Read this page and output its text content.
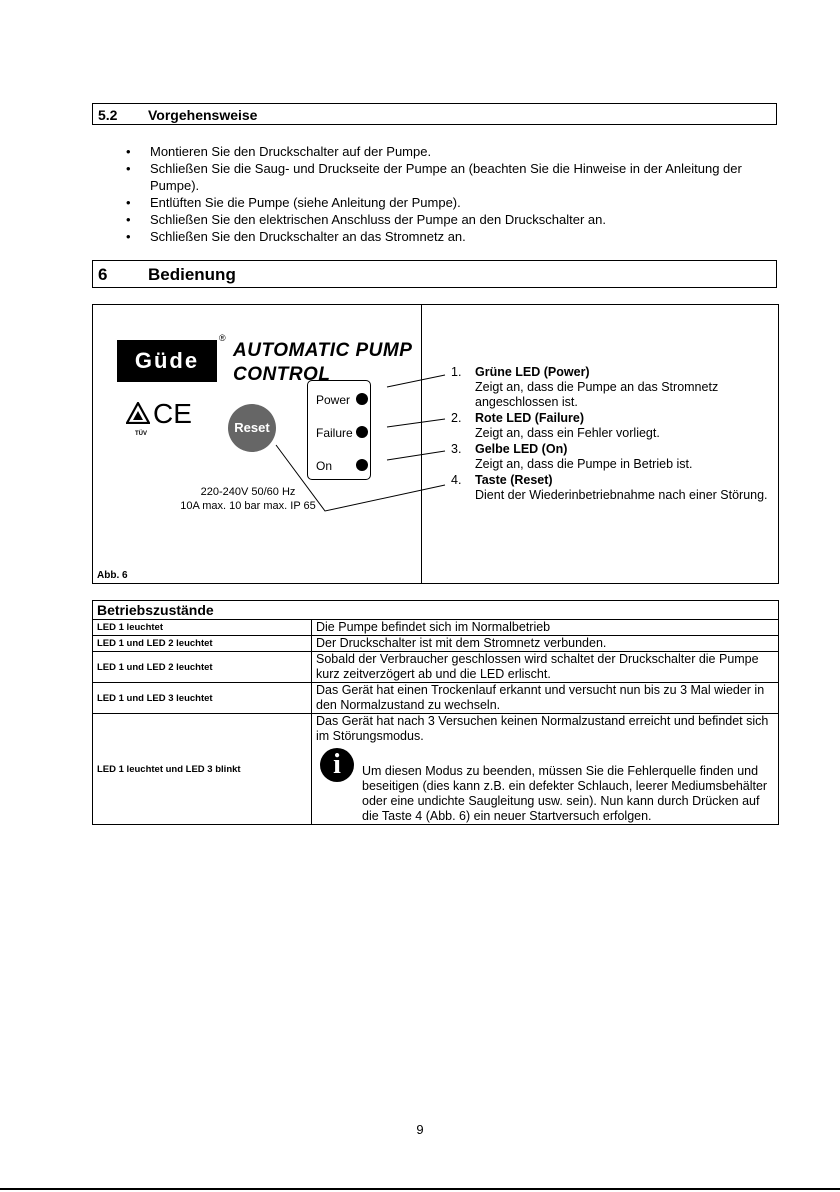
5.2 Vorgehensweise
• Montieren Sie den Druckschalter auf der Pumpe.
• Schließen Sie die Saug- und Druckseite der Pumpe an (beachten Sie die Hinweise in der Anleitung der Pumpe).
• Entlüften Sie die Pumpe (siehe Anleitung der Pumpe).
• Schließen Sie den elektrischen Anschluss der Pumpe an den Druckschalter an.
• Schließen Sie den Druckschalter an das Stromnetz an.
6 Bedienung
Güde
®
AUTOMATIC PUMP
CONTROL
TÜV
CE	Reset
Power
Failure
On
220-240V 50/60 Hz
10A max. 10 bar max. IP 65
1. Grüne LED (Power)
Zeigt an, dass die Pumpe an das Stromnetz angeschlossen ist.
2. Rote LED (Failure)
Zeigt an, dass ein Fehler vorliegt.
3. Gelbe LED (On)
Zeigt an, dass die Pumpe in Betrieb ist.
4. Taste (Reset)
Dient der Wiederinbetriebnahme nach einer Störung.
Abb. 6
Betriebszustände	
LED 1 leuchtet	Die Pumpe befindet sich im Normalbetrieb
LED 1 und LED 2 leuchtet	Der Druckschalter ist mit dem Stromnetz verbunden.
LED 1 und LED 2 leuchtet	Sobald der Verbraucher geschlossen wird schaltet der Druckschalter die Pumpe kurz zeitverzögert ab und die LED erlischt.
LED 1 und LED 3 leuchtet	Das Gerät hat einen Trockenlauf erkannt und versucht nun bis zu 3 Mal wieder in den Normalzustand zu wechseln.
LED 1 leuchtet und LED 3 blinkt	Das Gerät hat nach 3 Versuchen keinen Normalzustand erreicht und befindet sich im Störungsmodus.
i Um diesen Modus zu beenden, müssen Sie die Fehlerquelle finden und beseitigen (dies kann z.B. ein defekter Schlauch, leerer Mediumsbehälter oder eine undichte Saugleitung usw. sein). Nun kann durch Drücken auf die Taste 4 (Abb. 6) ein neuer Startversuch erfolgen.
9
